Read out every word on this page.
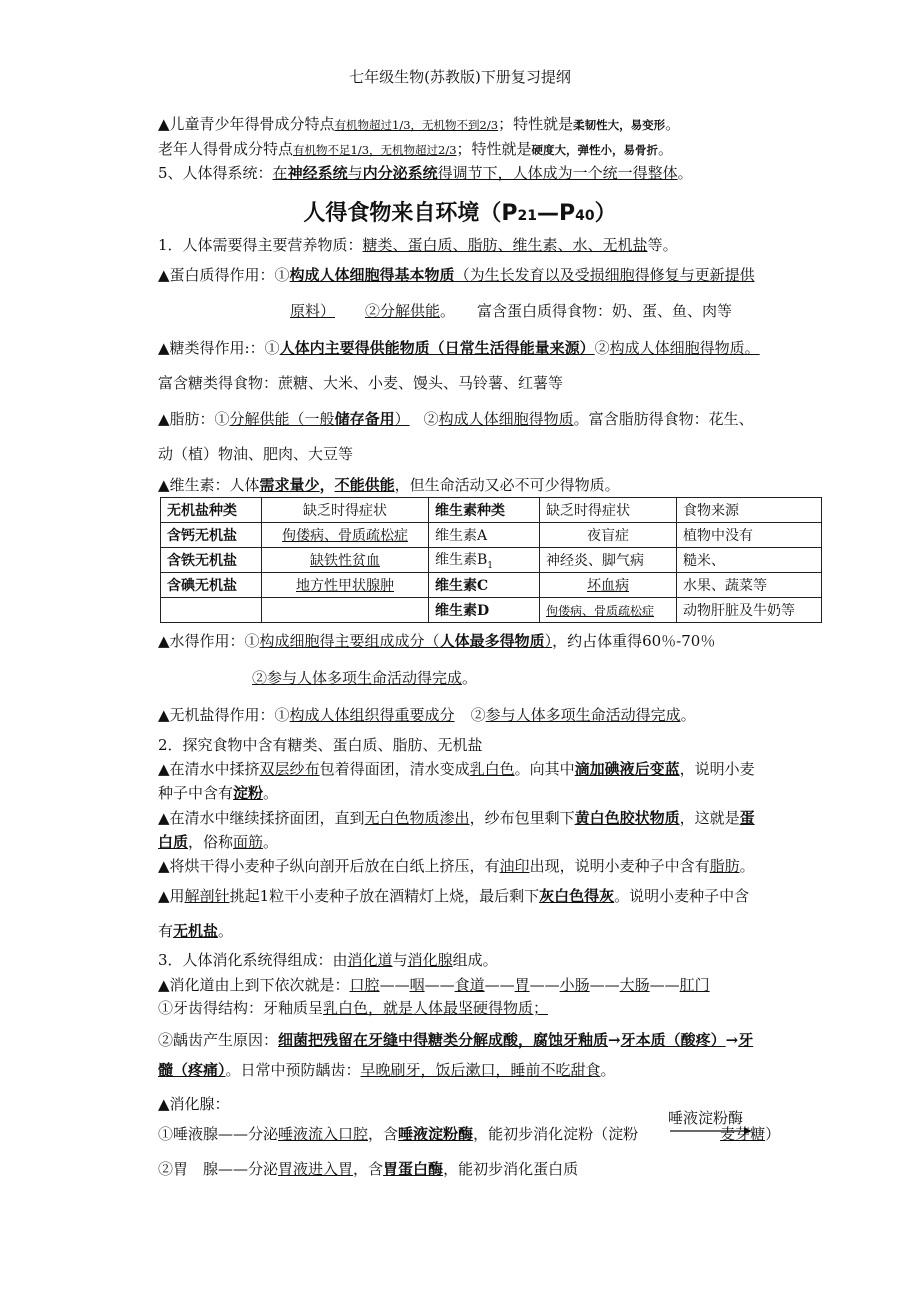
七年级生物(苏教版)下册复习提纲
▲儿童青少年得骨成分特点有机物超过1/3，无机物不到2/3；特性就是柔韧性大，易变形。
老年人得骨成分特点有机物不足1/3，无机物超过2/3；特性就是硬度大，弹性小，易骨折。
5、人体得系统：在神经系统与内分泌系统得调节下，人体成为一个统一得整体。
人得食物来自环境（P21—P40）
1．人体需要得主要营养物质：糖类、蛋白质、脂肪、维生素、水、无机盐等。
▲蛋白质得作用：①构成人体细胞得基本物质（为生长发育以及受损细胞得修复与更新提供
原料） ②分解供能。 富含蛋白质得食物：奶、蛋、鱼、肉等
▲糖类得作用:：①人体内主要得供能物质（日常生活得能量来源）②构成人体细胞得物质。
富含糖类得食物：蔗糖、大米、小麦、馒头、马铃薯、红薯等
▲脂肪：①分解供能（一般储存备用） ②构成人体细胞得物质。富含脂肪得食物：花生、
动（植）物油、肥肉、大豆等
▲维生素：人体需求量少，不能供能，但生命活动又必不可少得物质。
无机盐种类	缺乏时得症状	维生素种类	缺乏时得症状	食物来源
含钙无机盐	佝偻病、骨质疏松症	维生素A	夜盲症	植物中没有
含铁无机盐	缺铁性贫血	维生素$B_1$	神经炎、脚气病	糙米、
含碘无机盐	地方性甲状腺肿	维生素C	坏血病	水果、蔬菜等
		维生素D	佝偻病、骨质疏松症	动物肝脏及牛奶等
▲水得作用：①构成细胞得主要组成成分（人体最多得物质），约占体重得60％-70％
②参与人体多项生命活动得完成。
▲无机盐得作用：①构成人体组织得重要成分 ②参与人体多项生命活动得完成。
2．探究食物中含有糖类、蛋白质、脂肪、无机盐
▲在清水中揉挤双层纱布包着得面团，清水变成乳白色。向其中滴加碘液后变蓝，说明小麦
种子中含有淀粉。
▲在清水中继续揉挤面团，直到无白色物质渗出，纱布包里剩下黄白色胶状物质，这就是蛋
白质，俗称面筋。
▲将烘干得小麦种子纵向剖开后放在白纸上挤压，有油印出现，说明小麦种子中含有脂肪。
▲用解剖针挑起1粒干小麦种子放在酒精灯上烧，最后剩下灰白色得灰。说明小麦种子中含
有无机盐。
3．人体消化系统得组成：由消化道与消化腺组成。
▲消化道由上到下依次就是：口腔——咽——食道——胃——小肠——大肠——肛门
①牙齿得结构：牙釉质呈乳白色，就是人体最坚硬得物质；
②龋齿产生原因：细菌把残留在牙缝中得糖类分解成酸，腐蚀牙釉质→牙本质（酸疼）→牙
髓（疼痛）。日常中预防龋齿：早晚刷牙，饭后漱口，睡前不吃甜食。
▲消化腺：
唾液淀粉酶
①唾液腺——分泌唾液流入口腔，含唾液淀粉酶，能初步消化淀粉（淀粉	麦芽糖）
②胃　腺——分泌胃液进入胃，含胃蛋白酶，能初步消化蛋白质
